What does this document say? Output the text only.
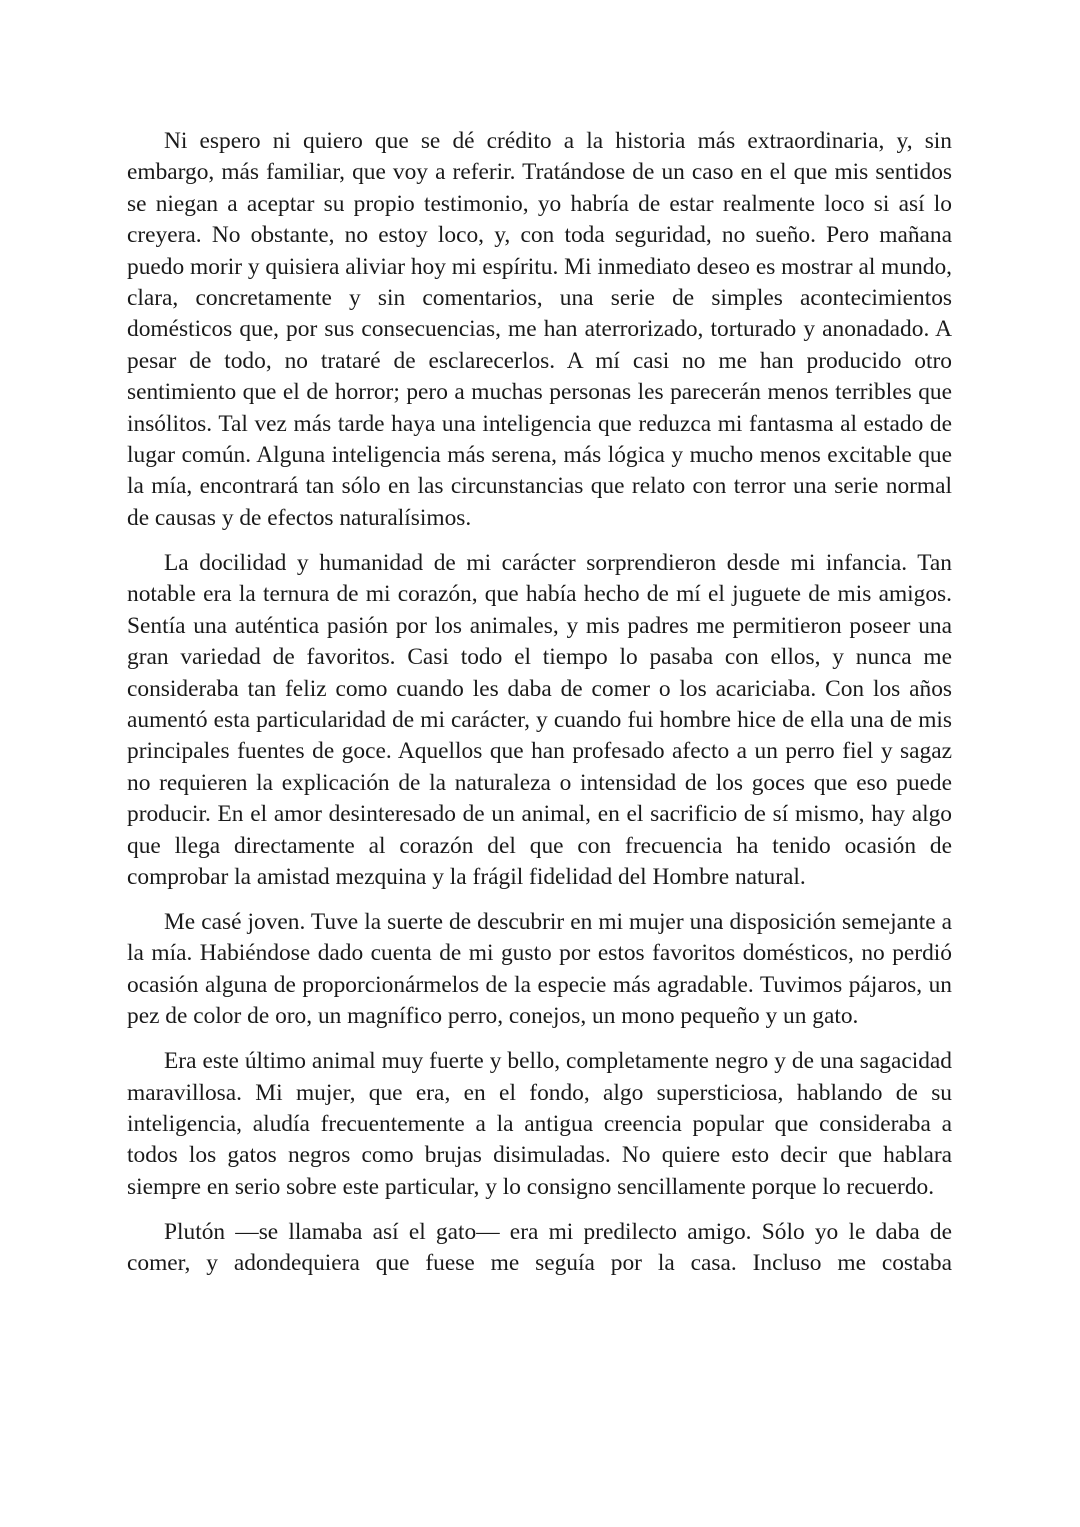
Ni espero ni quiero que se dé crédito a la historia más extraordinaria, y, sin embargo, más familiar, que voy a referir. Tratándose de un caso en el que mis sentidos se niegan a aceptar su propio testimonio, yo habría de estar realmente loco si así lo creyera. No obstante, no estoy loco, y, con toda seguridad, no sueño. Pero mañana puedo morir y quisiera aliviar hoy mi espíritu. Mi inmediato deseo es mostrar al mundo, clara, concretamente y sin comentarios, una serie de simples acontecimientos domésticos que, por sus consecuencias, me han aterrorizado, torturado y anonadado. A pesar de todo, no trataré de esclarecerlos. A mí casi no me han producido otro sentimiento que el de horror; pero a muchas personas les parecerán menos terribles que insólitos. Tal vez más tarde haya una inteligencia que reduzca mi fantasma al estado de lugar común. Alguna inteligencia más serena, más lógica y mucho menos excitable que la mía, encontrará tan sólo en las circunstancias que relato con terror una serie normal de causas y de efectos naturalísimos.

La docilidad y humanidad de mi carácter sorprendieron desde mi infancia. Tan notable era la ternura de mi corazón, que había hecho de mí el juguete de mis amigos. Sentía una auténtica pasión por los animales, y mis padres me permitieron poseer una gran variedad de favoritos. Casi todo el tiempo lo pasaba con ellos, y nunca me consideraba tan feliz como cuando les daba de comer o los acariciaba. Con los años aumentó esta particularidad de mi carácter, y cuando fui hombre hice de ella una de mis principales fuentes de goce. Aquellos que han profesado afecto a un perro fiel y sagaz no requieren la explicación de la naturaleza o intensidad de los goces que eso puede producir. En el amor desinteresado de un animal, en el sacrificio de sí mismo, hay algo que llega directamente al corazón del que con frecuencia ha tenido ocasión de comprobar la amistad mezquina y la frágil fidelidad del Hombre natural.

Me casé joven. Tuve la suerte de descubrir en mi mujer una disposición semejante a la mía. Habiéndose dado cuenta de mi gusto por estos favoritos domésticos, no perdió ocasión alguna de proporcionármelos de la especie más agradable. Tuvimos pájaros, un pez de color de oro, un magnífico perro, conejos, un mono pequeño y un gato.

Era este último animal muy fuerte y bello, completamente negro y de una sagacidad maravillosa. Mi mujer, que era, en el fondo, algo supersticiosa, hablando de su inteligencia, aludía frecuentemente a la antigua creencia popular que consideraba a todos los gatos negros como brujas disimuladas. No quiere esto decir que hablara siempre en serio sobre este particular, y lo consigno sencillamente porque lo recuerdo.

Plutón —se llamaba así el gato— era mi predilecto amigo. Sólo yo le daba de comer, y adondequiera que fuese me seguía por la casa. Incluso me costaba
